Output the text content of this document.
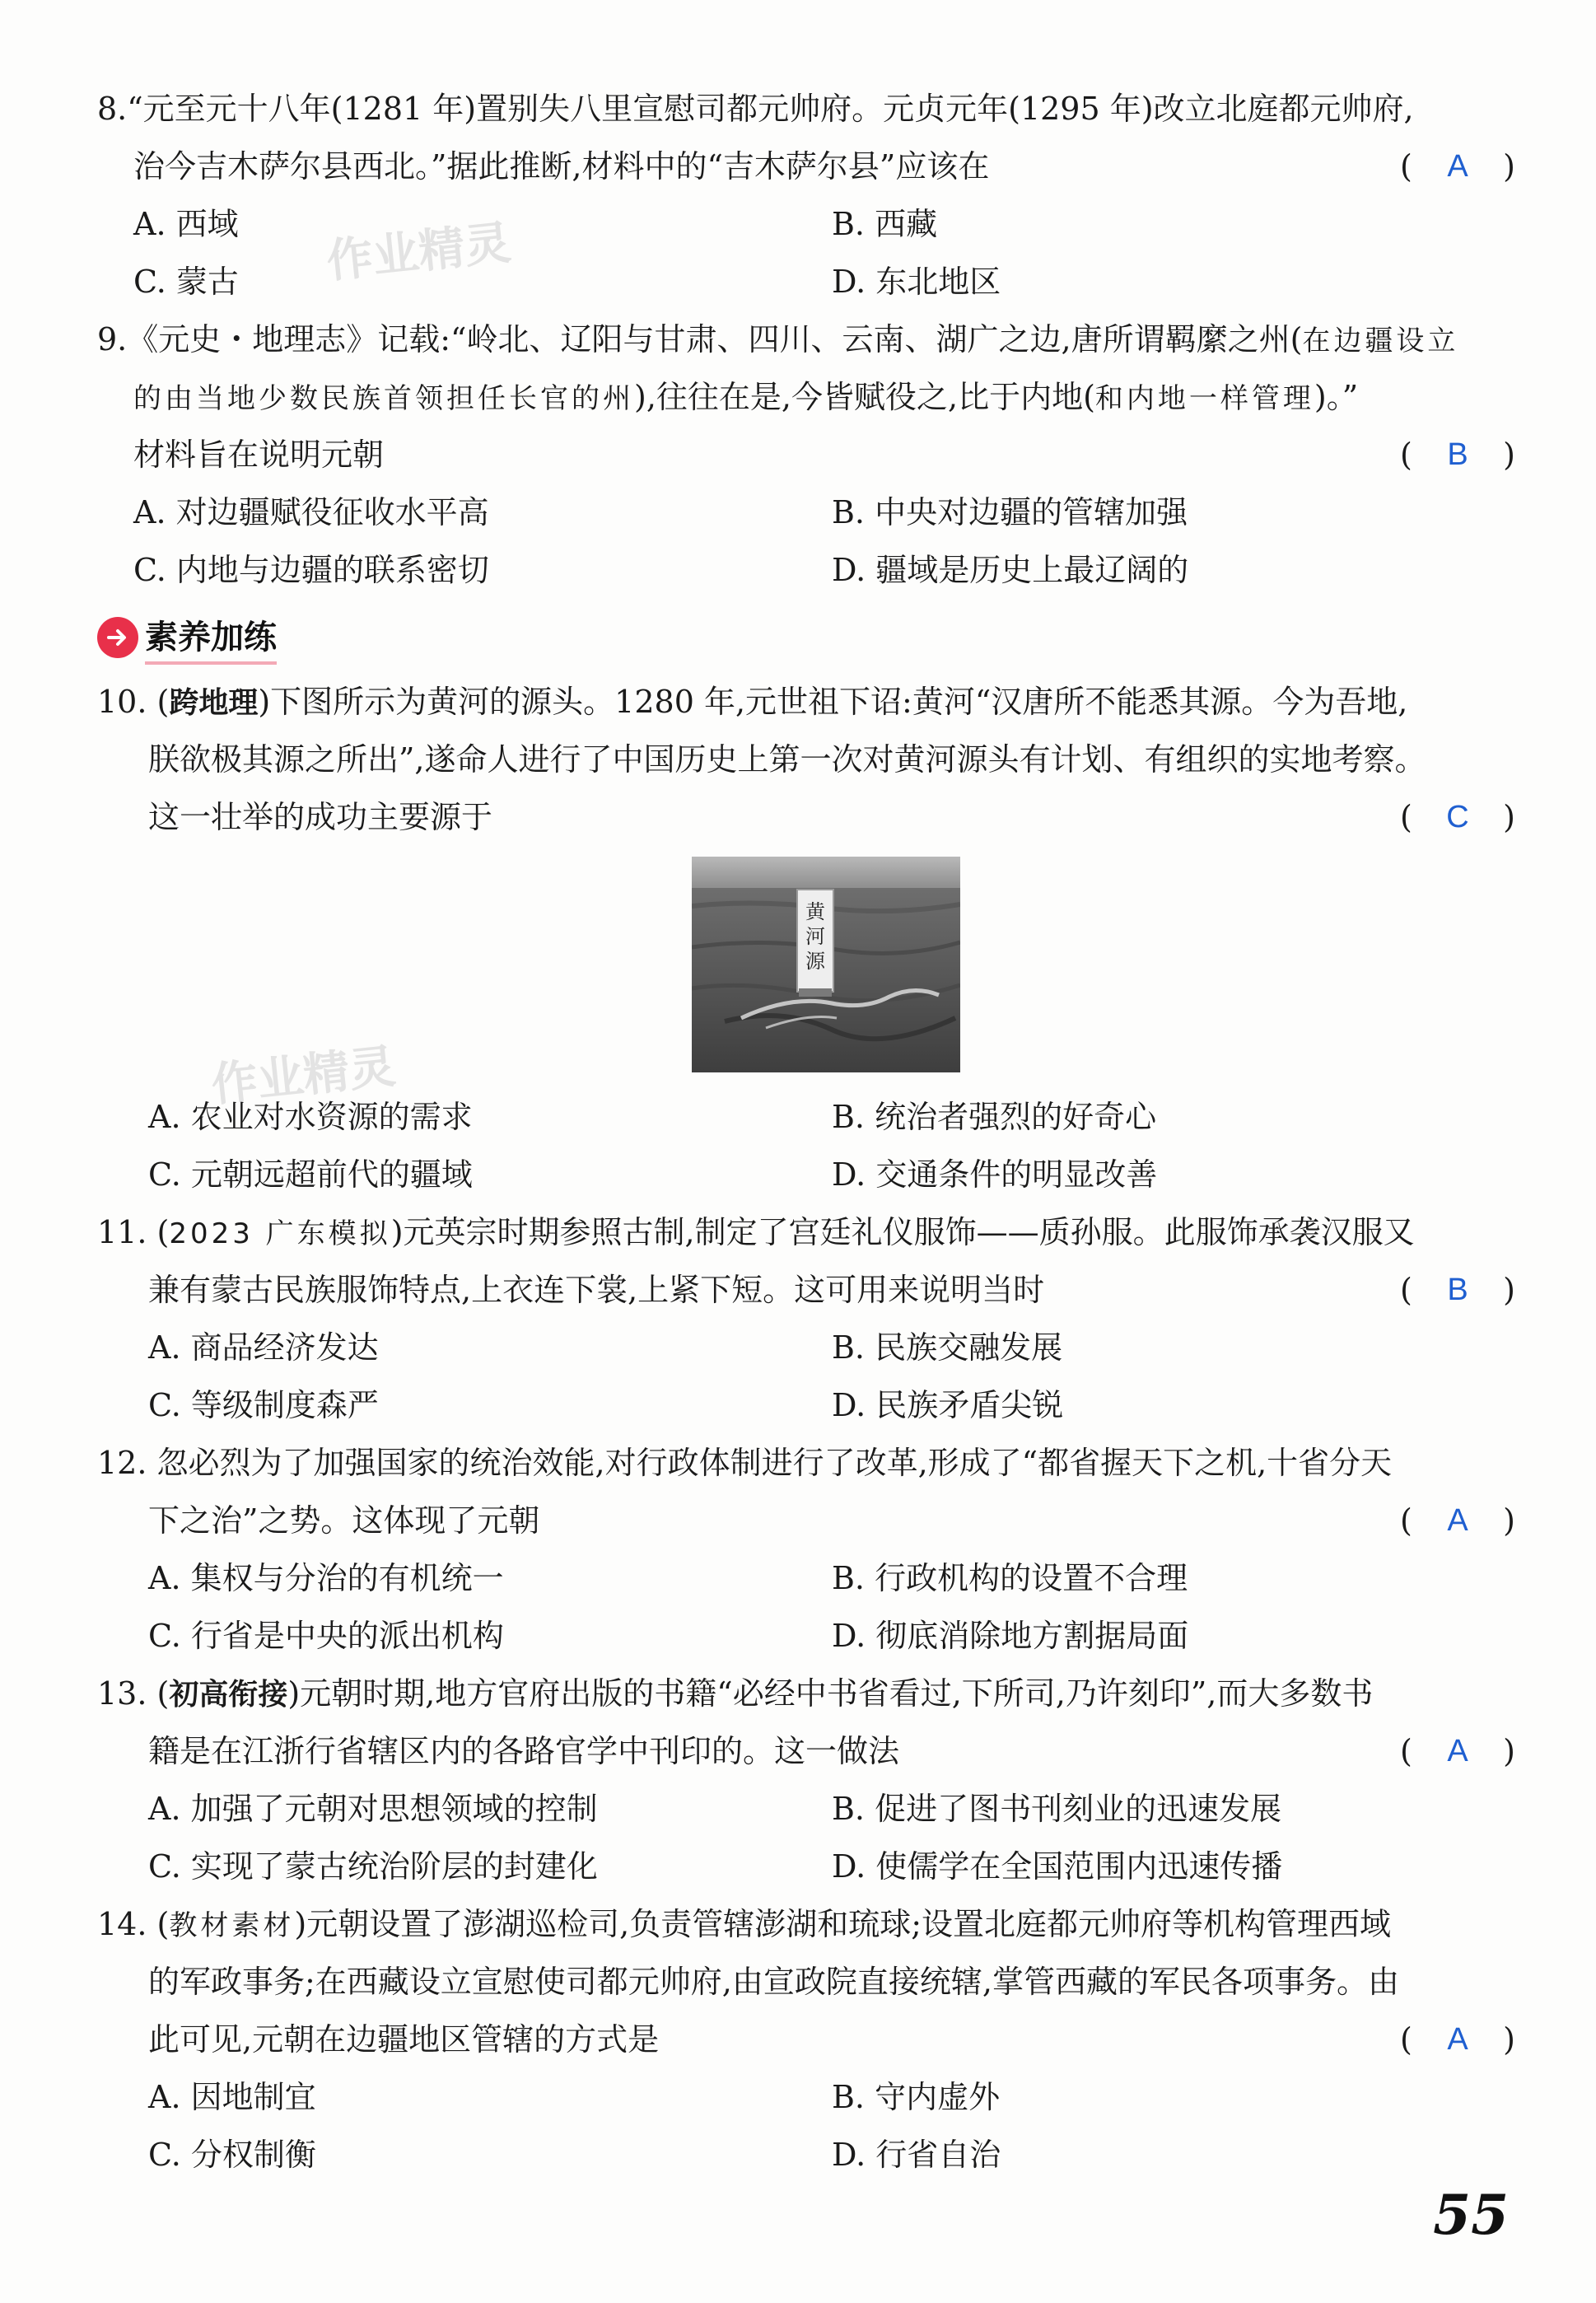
作业精灵
作业精灵
8.“元至元十八年(1281 年)置别失八里宣慰司都元帅府。元贞元年(1295 年)改立北庭都元帅府,
治今吉木萨尔县西北。”据此推断,材料中的“吉木萨尔县”应该在	( A )
A. 西域	B. 西藏
C. 蒙古	D. 东北地区
9.《元史・地理志》记载:“岭北、辽阳与甘肃、四川、云南、湖广之边,唐所谓羁縻之州(在边疆设立
的由当地少数民族首领担任长官的州),往往在是,今皆赋役之,比于内地(和内地一样管理)。”
材料旨在说明元朝	( B )
A. 对边疆赋役征收水平高	B. 中央对边疆的管辖加强
C. 内地与边疆的联系密切	D. 疆域是历史上最辽阔的
素养加练
10. (跨地理)下图所示为黄河的源头。1280 年,元世祖下诏:黄河“汉唐所不能悉其源。今为吾地,
朕欲极其源之所出”,遂命人进行了中国历史上第一次对黄河源头有计划、有组织的实地考察。
这一壮举的成功主要源于	( C )
黄河源
A. 农业对水资源的需求	B. 统治者强烈的好奇心
C. 元朝远超前代的疆域	D. 交通条件的明显改善
11. (2023 广东模拟)元英宗时期参照古制,制定了宫廷礼仪服饰——质孙服。此服饰承袭汉服又
兼有蒙古民族服饰特点,上衣连下裳,上紧下短。这可用来说明当时	( B )
A. 商品经济发达	B. 民族交融发展
C. 等级制度森严	D. 民族矛盾尖锐
12. 忽必烈为了加强国家的统治效能,对行政体制进行了改革,形成了“都省握天下之机,十省分天
下之治”之势。这体现了元朝	( A )
A. 集权与分治的有机统一	B. 行政机构的设置不合理
C. 行省是中央的派出机构	D. 彻底消除地方割据局面
13. (初高衔接)元朝时期,地方官府出版的书籍“必经中书省看过,下所司,乃许刻印”,而大多数书
籍是在江浙行省辖区内的各路官学中刊印的。这一做法	( A )
A. 加强了元朝对思想领域的控制	B. 促进了图书刊刻业的迅速发展
C. 实现了蒙古统治阶层的封建化	D. 使儒学在全国范围内迅速传播
14. (教材素材)元朝设置了澎湖巡检司,负责管辖澎湖和琉球;设置北庭都元帅府等机构管理西域
的军政事务;在西藏设立宣慰使司都元帅府,由宣政院直接统辖,掌管西藏的军民各项事务。由
此可见,元朝在边疆地区管辖的方式是	( A )
A. 因地制宜	B. 守内虚外
C. 分权制衡	D. 行省自治
55
